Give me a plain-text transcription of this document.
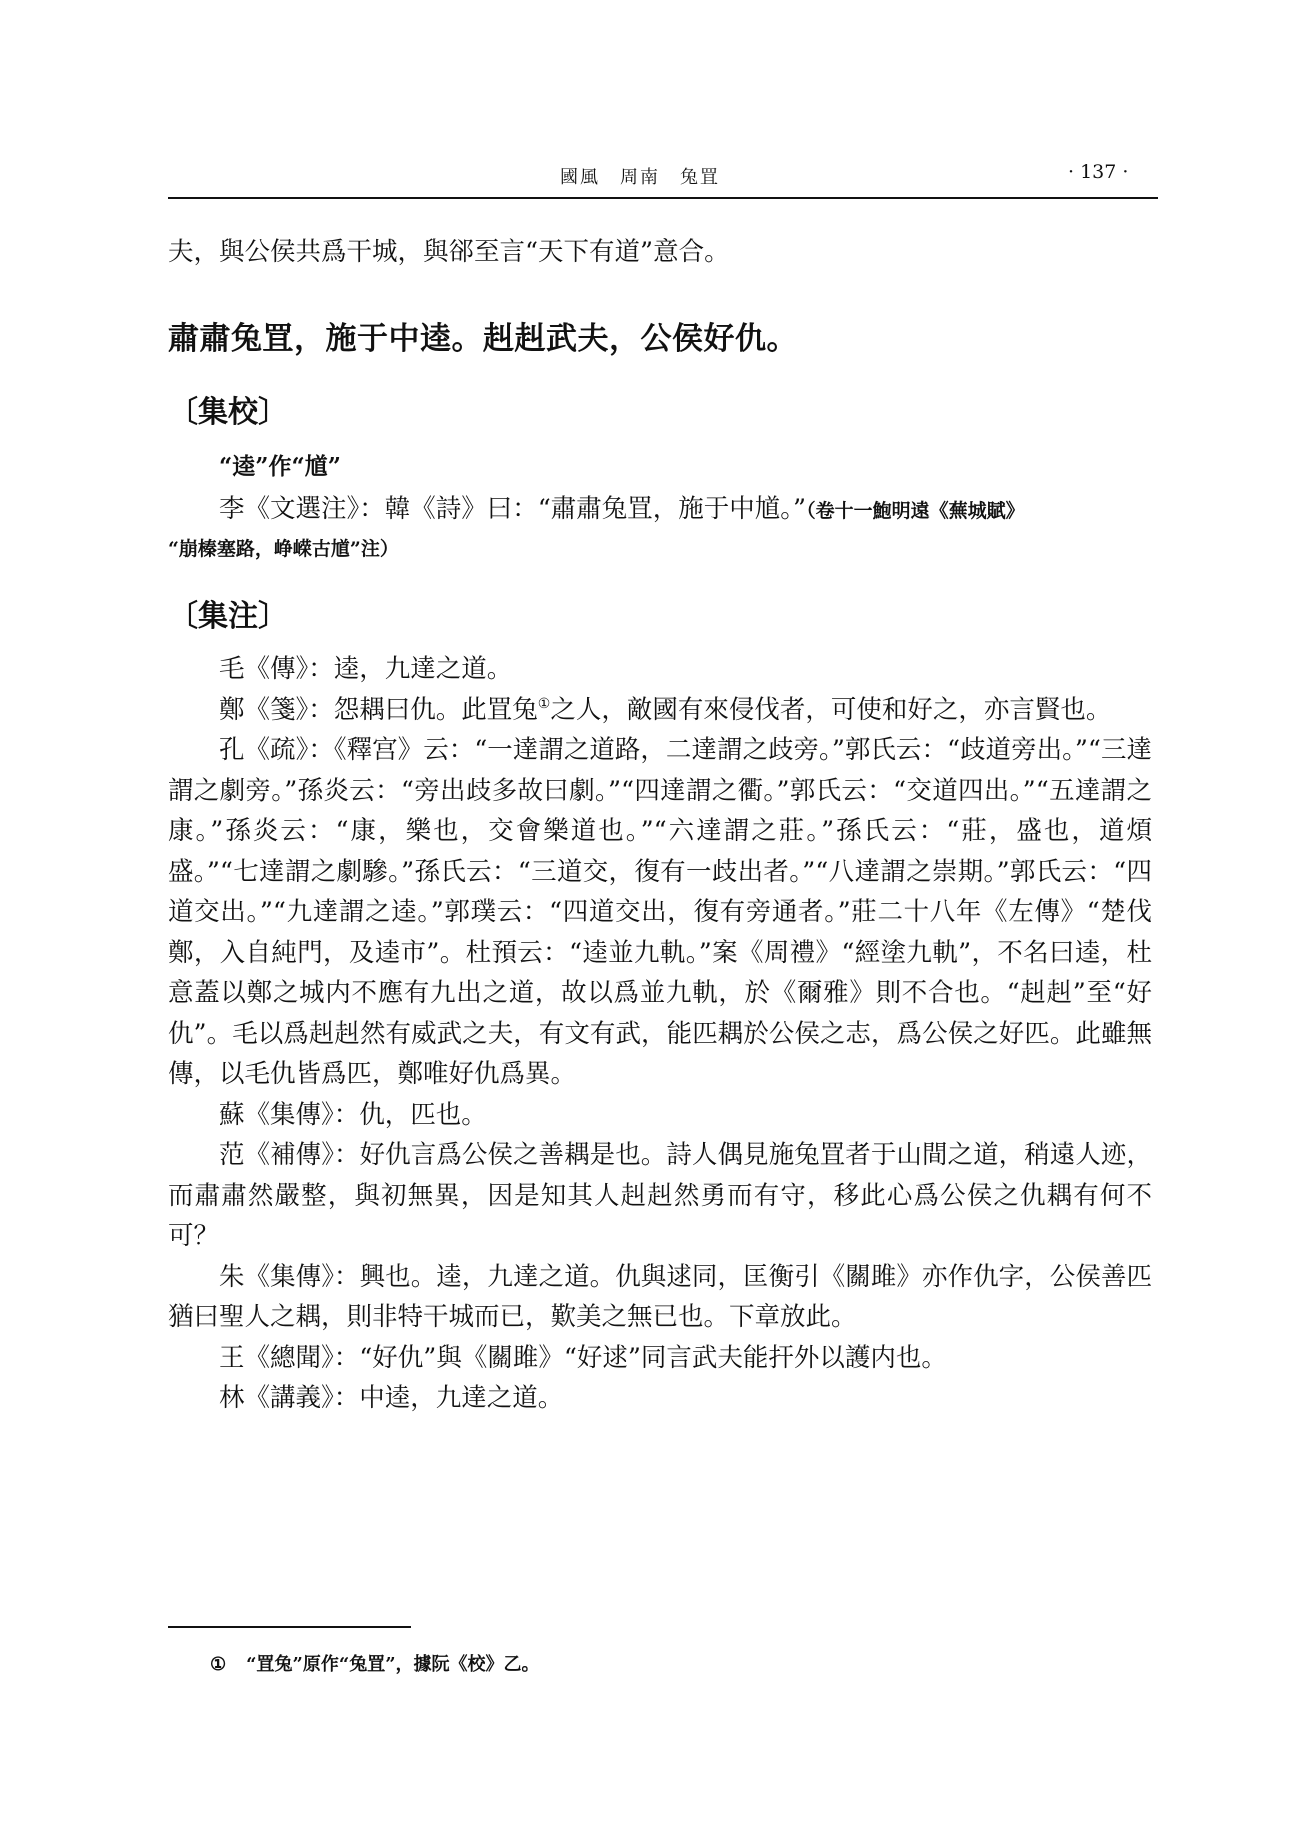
國風　周南　兔罝	· 137 ·

夫，與公侯共爲干城，與郤至言“天下有道”意合。

肅肅兔罝，施于中逵。赳赳武夫，公侯好仇。

〔集校〕

“逵”作“馗”

李《文選注》：韓《詩》曰：“肅肅兔罝，施于中馗。”（卷十一鮑明遠《蕪城賦》

“崩榛塞路，峥嵘古馗”注）

〔集注〕

毛《傳》：逵，九達之道。

鄭《箋》：怨耦曰仇。此罝兔①之人，敵國有來侵伐者，可使和好之，亦言賢也。

孔《疏》：《釋宫》云：“一達謂之道路，二達謂之歧旁。”郭氏云：“歧道旁出。”“三達謂之劇旁。”孫炎云：“旁出歧多故曰劇。”“四達謂之衢。”郭氏云：“交道四出。”“五達謂之康。”孫炎云：“康，樂也，交會樂道也。”“六達謂之莊。”孫氏云：“莊，盛也，道煩盛。”“七達謂之劇驂。”孫氏云：“三道交，復有一歧出者。”“八達謂之崇期。”郭氏云：“四道交出。”“九達謂之逵。”郭璞云：“四道交出，復有旁通者。”莊二十八年《左傳》“楚伐鄭，入自純門，及逵市”。杜預云：“逵並九軌。”案《周禮》“經塗九軌”，不名曰逵，杜意蓋以鄭之城内不應有九出之道，故以爲並九軌，於《爾雅》則不合也。“赳赳”至“好仇”。毛以爲赳赳然有威武之夫，有文有武，能匹耦於公侯之志，爲公侯之好匹。此雖無傳，以毛仇皆爲匹，鄭唯好仇爲異。

蘇《集傳》：仇，匹也。

范《補傳》：好仇言爲公侯之善耦是也。詩人偶見施兔罝者于山間之道，稍遠人迹，而肅肅然嚴整，與初無異，因是知其人赳赳然勇而有守，移此心爲公侯之仇耦有何不可？

朱《集傳》：興也。逵，九達之道。仇與逑同，匡衡引《關雎》亦作仇字，公侯善匹猶曰聖人之耦，則非特干城而已，歎美之無已也。下章放此。

王《總聞》：“好仇”與《關雎》“好逑”同言武夫能扞外以護内也。

林《講義》：中逵，九達之道。

① “罝兔”原作“兔罝”，據阮《校》乙。
